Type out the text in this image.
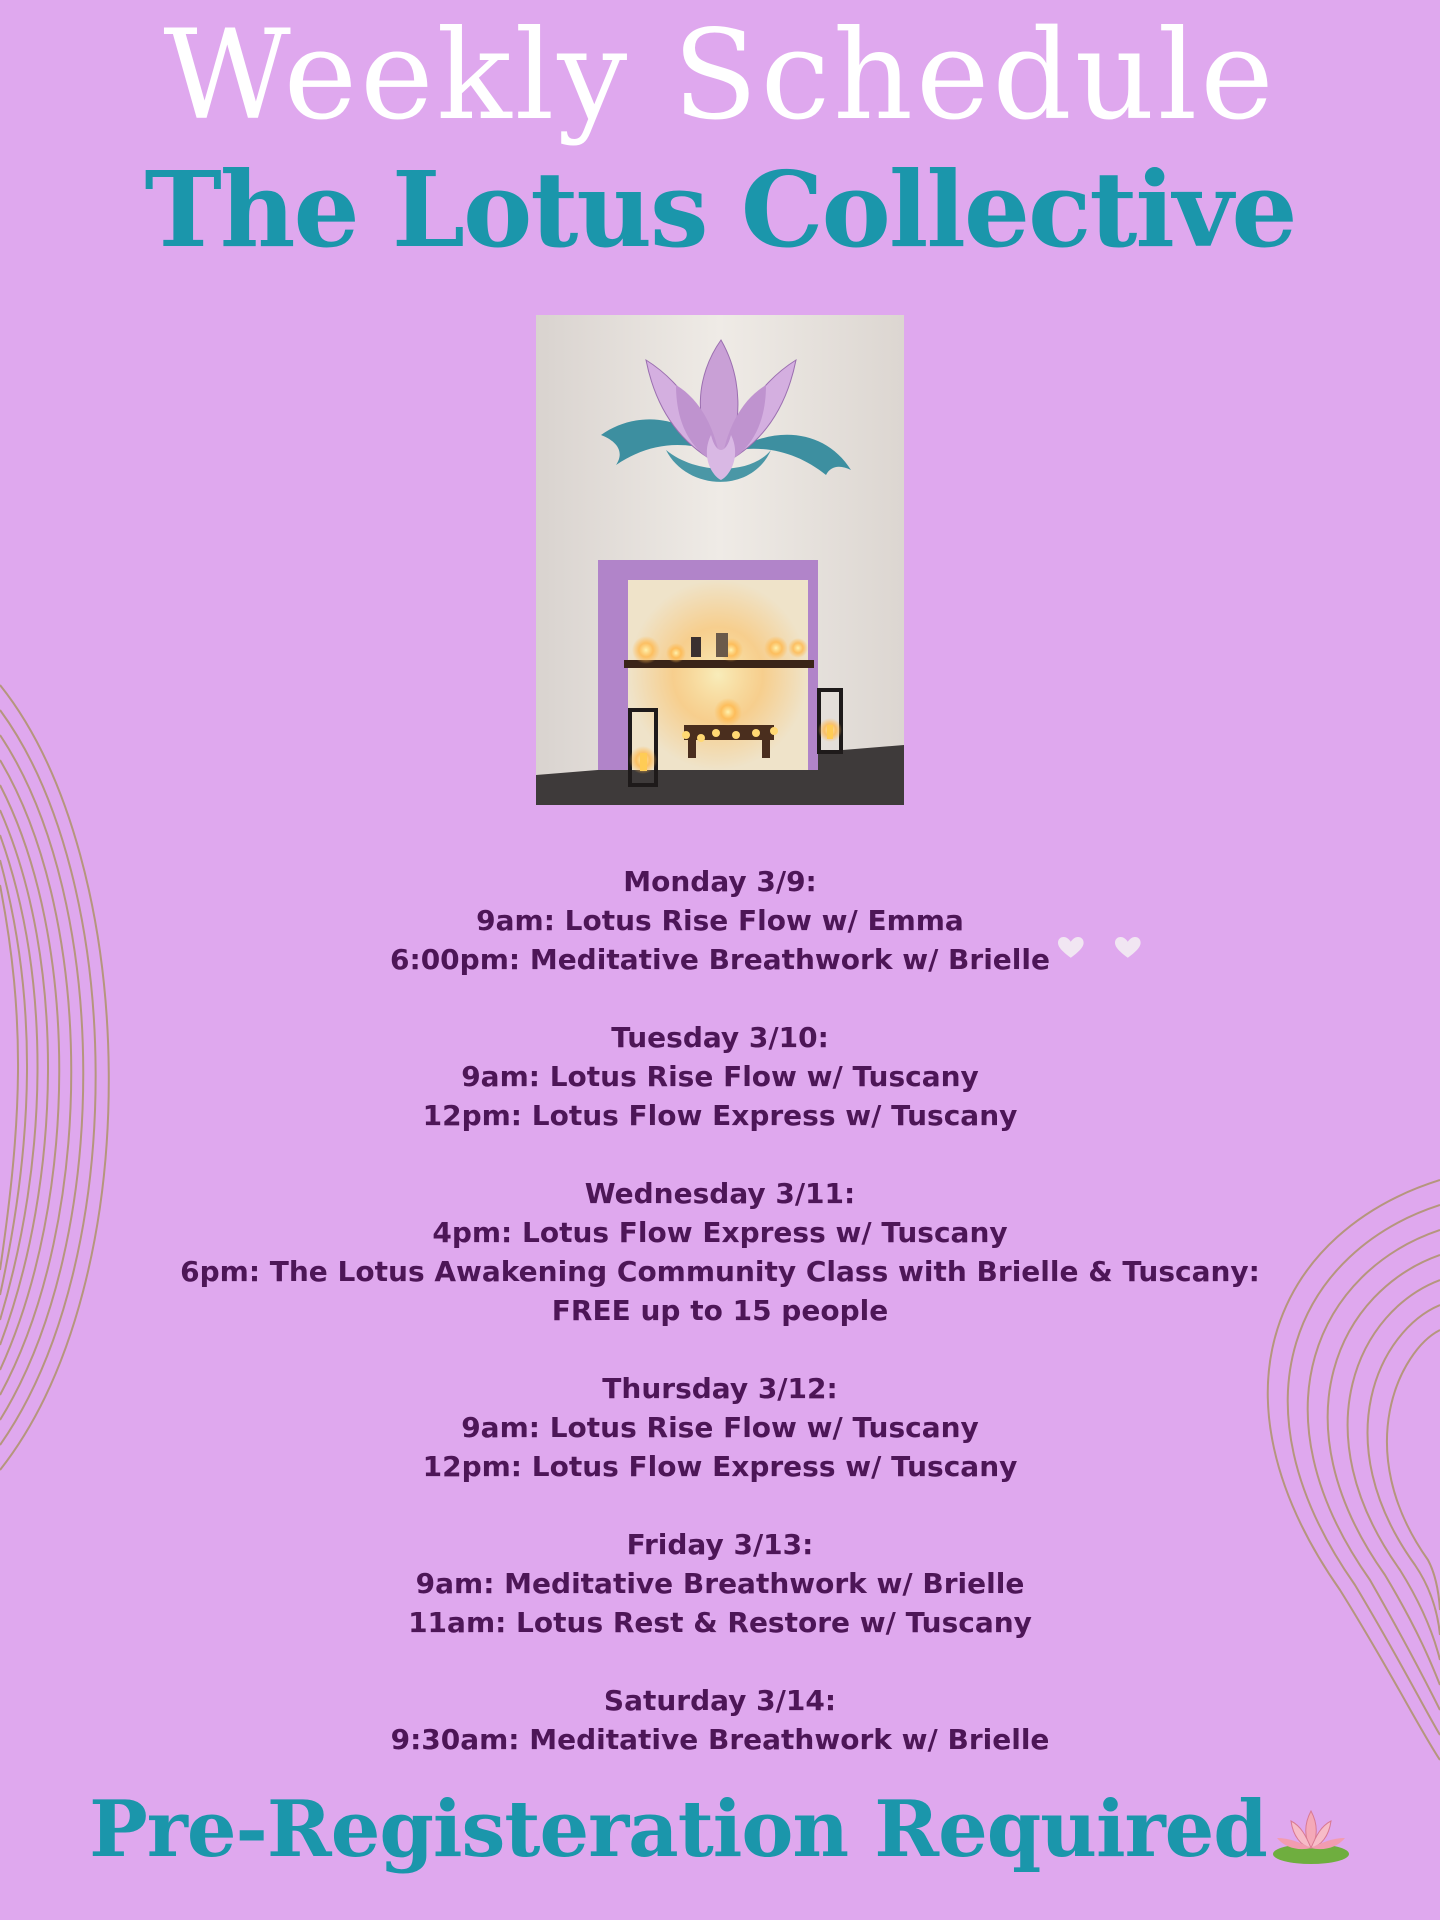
Weekly Schedule
The Lotus Collective
Monday 3/9:
9am: Lotus Rise Flow w/ Emma
6:00pm: Meditative Breathwork w/ Brielle
Tuesday 3/10:
9am: Lotus Rise Flow w/ Tuscany
12pm: Lotus Flow Express w/ Tuscany
Wednesday 3/11:
4pm: Lotus Flow Express w/ Tuscany
6pm: The Lotus Awakening Community Class with Brielle & Tuscany:
FREE up to 15 people
Thursday 3/12:
9am: Lotus Rise Flow w/ Tuscany
12pm: Lotus Flow Express w/ Tuscany
Friday 3/13:
9am: Meditative Breathwork w/ Brielle
11am: Lotus Rest & Restore w/ Tuscany
Saturday 3/14:
9:30am: Meditative Breathwork w/ Brielle
Pre-Registeration Required
